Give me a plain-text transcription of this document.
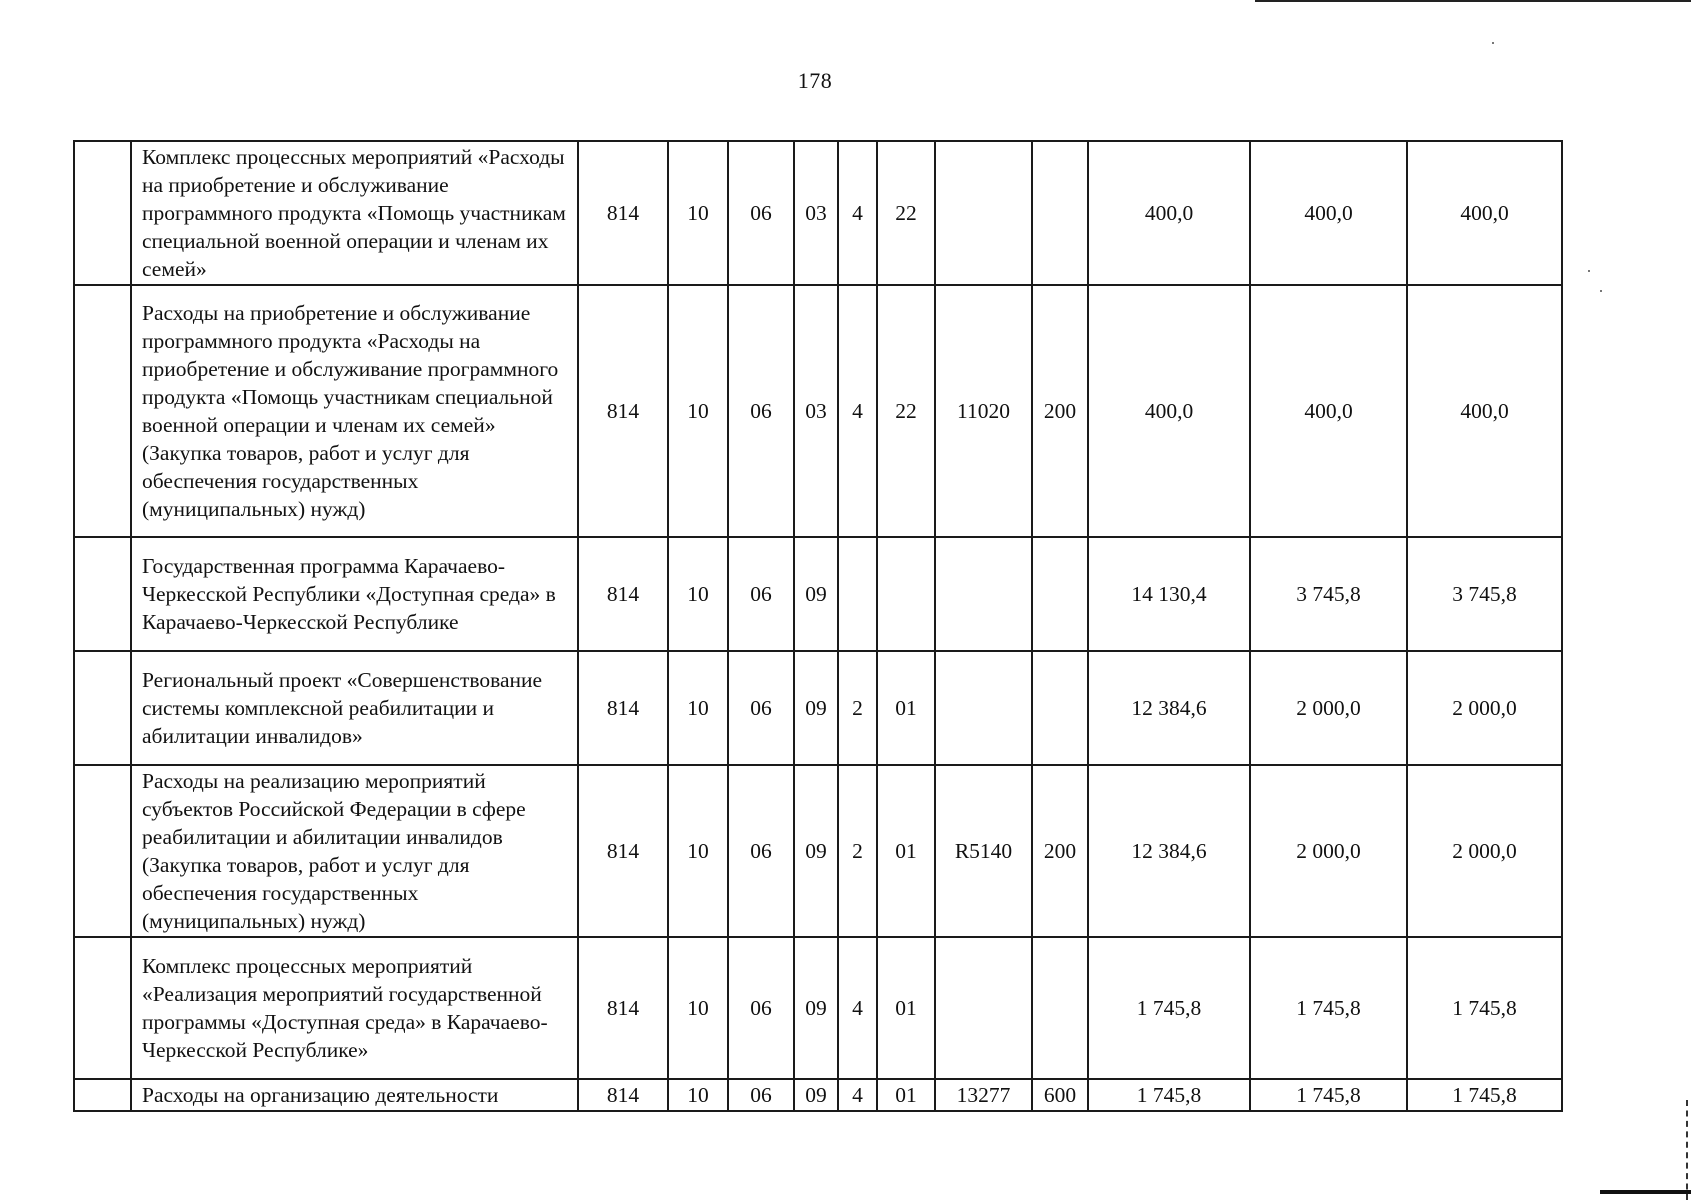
178
	Комплекс процессных мероприятий «Расходы на приобретение и обслуживание программного продукта «Помощь участникам специальной военной операции и членам их семей»	814	10	06	03	4	22			400,0	400,0	400,0
	Расходы на приобретение и обслуживание программного продукта «Расходы на приобретение и обслуживание программного продукта «Помощь участникам специальной военной операции и членам их семей» (Закупка товаров, работ и услуг для обеспечения государственных (муниципальных) нужд)	814	10	06	03	4	22	11020	200	400,0	400,0	400,0
	Государственная программа Карачаево-Черкесской Республики «Доступная среда» в Карачаево-Черкесской Республике	814	10	06	09					14 130,4	3 745,8	3 745,8
	Региональный проект «Совершенствование системы комплексной реабилитации и абилитации инвалидов»	814	10	06	09	2	01			12 384,6	2 000,0	2 000,0
	Расходы на реализацию мероприятий субъектов Российской Федерации в сфере реабилитации и абилитации инвалидов (Закупка товаров, работ и услуг для обеспечения государственных (муниципальных) нужд)	814	10	06	09	2	01	R5140	200	12 384,6	2 000,0	2 000,0
	Комплекс процессных мероприятий «Реализация мероприятий государственной программы «Доступная среда» в Карачаево-Черкесской Республике»	814	10	06	09	4	01			1 745,8	1 745,8	1 745,8
	Расходы на организацию деятельности	814	10	06	09	4	01	13277	600	1 745,8	1 745,8	1 745,8
